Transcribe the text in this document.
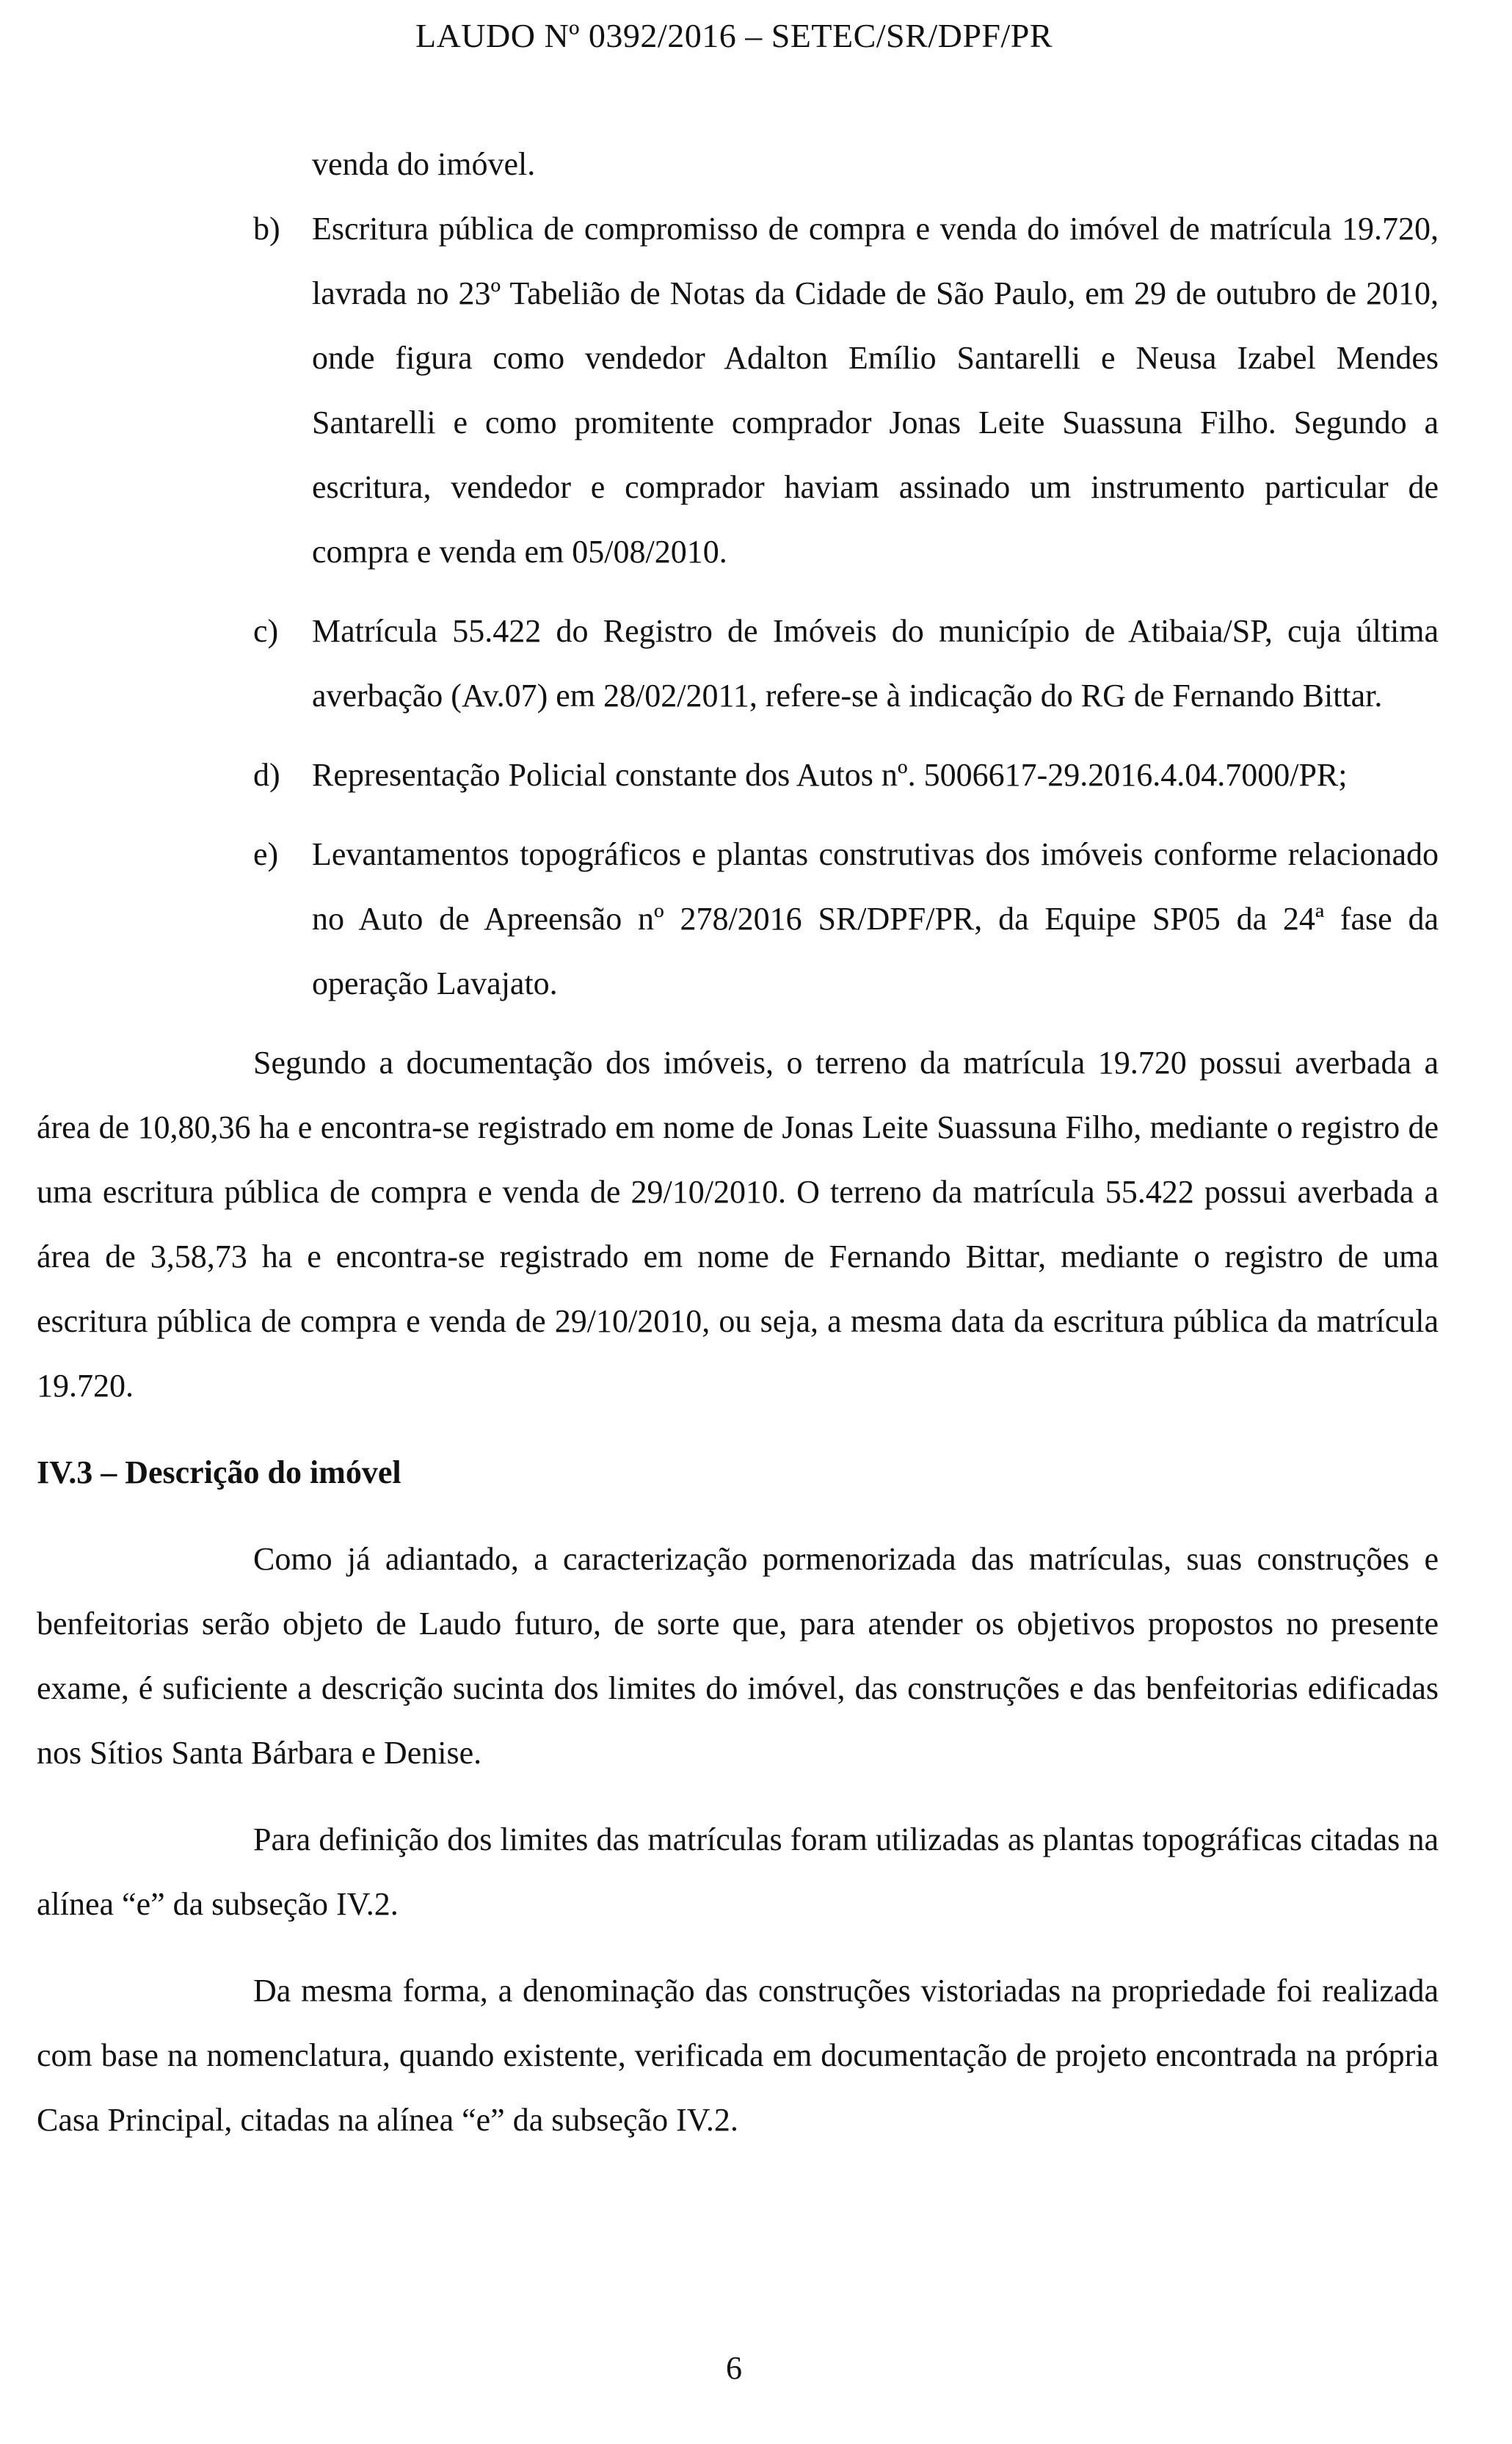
LAUDO Nº 0392/2016 – SETEC/SR/DPF/PR

venda do imóvel.

b) Escritura pública de compromisso de compra e venda do imóvel de matrícula 19.720, lavrada no 23º Tabelião de Notas da Cidade de São Paulo, em 29 de outubro de 2010, onde figura como vendedor Adalton Emílio Santarelli e Neusa Izabel Mendes Santarelli e como promitente comprador Jonas Leite Suassuna Filho. Segundo a escritura, vendedor e comprador haviam assinado um instrumento particular de compra e venda em 05/08/2010.
c) Matrícula 55.422 do Registro de Imóveis do município de Atibaia/SP, cuja última averbação (Av.07) em 28/02/2011, refere-se à indicação do RG de Fernando Bittar.
d) Representação Policial constante dos Autos nº. 5006617-29.2016.4.04.7000/PR;
e) Levantamentos topográficos e plantas construtivas dos imóveis conforme relacionado no Auto de Apreensão nº 278/2016 SR/DPF/PR, da Equipe SP05 da 24ª fase da operação Lavajato.

Segundo a documentação dos imóveis, o terreno da matrícula 19.720 possui averbada a área de 10,80,36 ha e encontra-se registrado em nome de Jonas Leite Suassuna Filho, mediante o registro de uma escritura pública de compra e venda de 29/10/2010. O terreno da matrícula 55.422 possui averbada a área de 3,58,73 ha e encontra-se registrado em nome de Fernando Bittar, mediante o registro de uma escritura pública de compra e venda de 29/10/2010, ou seja, a mesma data da escritura pública da matrícula 19.720.

IV.3 – Descrição do imóvel

Como já adiantado, a caracterização pormenorizada das matrículas, suas construções e benfeitorias serão objeto de Laudo futuro, de sorte que, para atender os objetivos propostos no presente exame, é suficiente a descrição sucinta dos limites do imóvel, das construções e das benfeitorias edificadas nos Sítios Santa Bárbara e Denise.

Para definição dos limites das matrículas foram utilizadas as plantas topográficas citadas na alínea “e” da subseção IV.2.

Da mesma forma, a denominação das construções vistoriadas na propriedade foi realizada com base na nomenclatura, quando existente, verificada em documentação de projeto encontrada na própria Casa Principal, citadas na alínea “e” da subseção IV.2.

6
